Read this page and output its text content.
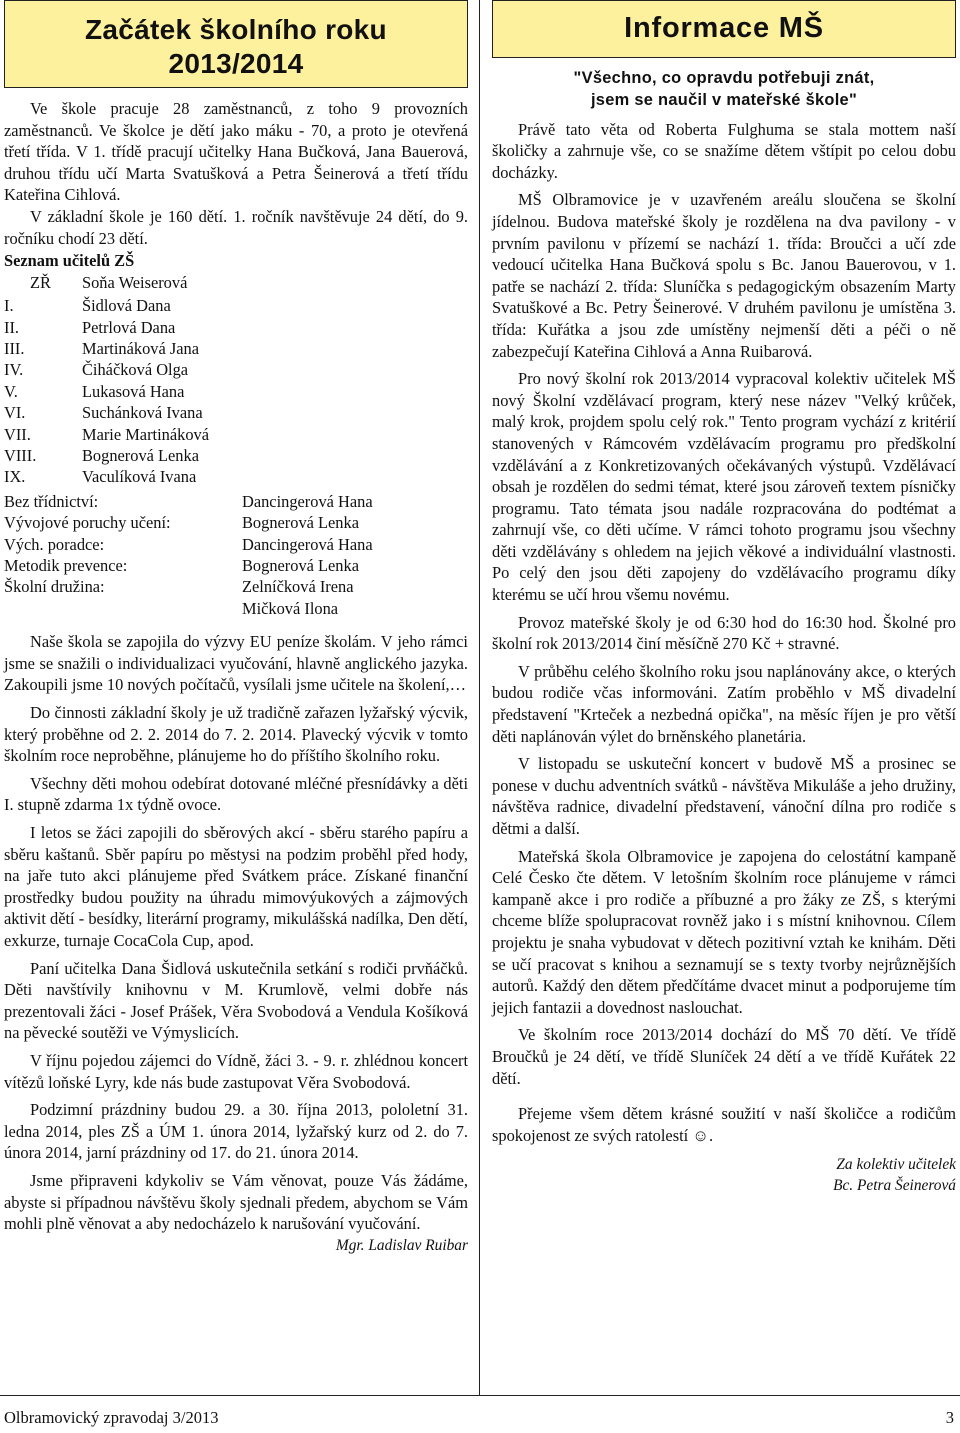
Začátek školního roku
2013/2014

Ve škole pracuje 28 zaměstnanců, z toho 9 provozních zaměstnanců. Ve školce je dětí jako máku - 70, a proto je otevřená třetí třída. V 1. třídě pracují učitelky Hana Bučková, Jana Bauerová, druhou třídu učí Marta Svatušková a Petra Šeinerová a třetí třídu Kateřina Cihlová.

V základní škole je 160 dětí. 1. ročník navštěvuje 24 dětí, do 9. ročníku chodí 23 dětí.

Seznam učitelů ZŠ
ZŘ	Soňa Weiserová
I.	Šidlová Dana
II.	Petrlová Dana
III.	Martináková Jana
IV.	Čiháčková Olga
V.	Lukasová Hana
VI.	Suchánková Ivana
VII.	Marie Martináková
VIII.	Bognerová Lenka
IX.	Vaculíková Ivana
Bez třídnictví:	Dancingerová Hana
Vývojové poruchy učení:	Bognerová Lenka
Vých. poradce:	Dancingerová Hana
Metodik prevence:	Bognerová Lenka
Školní družina:	Zelníčková Irena
Mičková Ilona

Naše škola se zapojila do výzvy EU peníze školám. V jeho rámci jsme se snažili o individualizaci vyučování, hlavně anglického jazyka. Zakoupili jsme 10 nových počítačů, vysílali jsme učitele na školení,…

Do činnosti základní školy je už tradičně zařazen lyžařský výcvik, který proběhne od 2. 2. 2014 do 7. 2. 2014. Plavecký výcvik v tomto školním roce neproběhne, plánujeme ho do příštího školního roku.

Všechny děti mohou odebírat dotované mléčné přesnídávky a děti I. stupně zdarma 1x týdně ovoce.

I letos se žáci zapojili do sběrových akcí - sběru starého papíru a sběru kaštanů. Sběr papíru po městysi na podzim proběhl před hody, na jaře tuto akci plánujeme před Svátkem práce. Získané finanční prostředky budou použity na úhradu mimovýukových a zájmových aktivit dětí - besídky, literární programy, mikulášská nadílka, Den dětí, exkurze, turnaje CocaCola Cup, apod.

Paní učitelka Dana Šidlová uskutečnila setkání s rodiči prvňáčků. Děti navštívily knihovnu v M. Krumlově, velmi dobře nás prezentovali žáci - Josef Prášek, Věra Svobodová a Vendula Košíková na pěvecké soutěži ve Výmyslicích.

V říjnu pojedou zájemci do Vídně, žáci 3. - 9. r. zhlédnou koncert vítězů loňské Lyry, kde nás bude zastupovat Věra Svobodová.

Podzimní prázdniny budou 29. a 30. října 2013, pololetní 31. ledna 2014, ples ZŠ a ÚM 1. února 2014, lyžařský kurz od 2. do 7. února 2014, jarní prázdniny od 17. do 21. února 2014.

Jsme připraveni kdykoliv se Vám věnovat, pouze Vás žádáme, abyste si případnou návštěvu školy sjednali předem, abychom se Vám mohli plně věnovat a aby nedocházelo k narušování vyučování.

Mgr. Ladislav Ruibar
Informace MŠ
"Všechno, co opravdu potřebuji znát,
jsem se naučil v mateřské škole"

Právě tato věta od Roberta Fulghuma se stala mottem naší školičky a zahrnuje vše, co se snažíme dětem vštípit po celou dobu docházky.

MŠ Olbramovice je v uzavřeném areálu sloučena se školní jídelnou. Budova mateřské školy je rozdělena na dva pavilony - v prvním pavilonu v přízemí se nachází 1. třída: Broučci a učí zde vedoucí učitelka Hana Bučková spolu s Bc. Janou Bauerovou, v 1. patře se nachází 2. třída: Sluníčka s pedagogickým obsazením Marty Svatuškové a Bc. Petry Šeinerové. V druhém pavilonu je umístěna 3. třída: Kuřátka a jsou zde umístěny nejmenší děti a péči o ně zabezpečují Kateřina Cihlová a Anna Ruibarová.

Pro nový školní rok 2013/2014 vypracoval kolektiv učitelek MŠ nový Školní vzdělávací program, který nese název "Velký krůček, malý krok, projdem spolu celý rok." Tento program vychází z kritérií stanovených v Rámcovém vzdělávacím programu pro předškolní vzdělávání a z Konkretizovaných očekávaných výstupů. Vzdělávací obsah je rozdělen do sedmi témat, které jsou zároveň textem písničky programu. Tato témata jsou nadále rozpracována do podtémat a zahrnují vše, co děti učíme. V rámci tohoto programu jsou všechny děti vzdělávány s ohledem na jejich věkové a individuální vlastnosti. Po celý den jsou děti zapojeny do vzdělávacího programu díky kterému se učí hrou všemu novému.

Provoz mateřské školy je od 6:30 hod do 16:30 hod. Školné pro školní rok 2013/2014 činí měsíčně 270 Kč + stravné.

V průběhu celého školního roku jsou naplánovány akce, o kterých budou rodiče včas informováni. Zatím proběhlo v MŠ divadelní představení "Krteček a nezbedná opička", na měsíc říjen je pro větší děti naplánován výlet do brněnského planetária.

V listopadu se uskuteční koncert v budově MŠ a prosinec se ponese v duchu adventních svátků - návštěva Mikuláše a jeho družiny, návštěva radnice, divadelní představení, vánoční dílna pro rodiče s dětmi a další.

Mateřská škola Olbramovice je zapojena do celostátní kampaně Celé Česko čte dětem. V letošním školním roce plánujeme v rámci kampaně akce i pro rodiče a příbuzné a pro žáky ze ZŠ, s kterými chceme blíže spolupracovat rovněž jako i s místní knihovnou. Cílem projektu je snaha vybudovat v dětech pozitivní vztah ke knihám. Děti se učí pracovat s knihou a seznamují se s texty tvorby nejrůznějších autorů. Každý den dětem předčítáme dvacet minut a podporujeme tím jejich fantazii a dovednost naslouchat.

Ve školním roce 2013/2014 dochází do MŠ 70 dětí. Ve třídě Broučků je 24 dětí, ve třídě Sluníček 24 dětí a ve třídě Kuřátek 22 dětí.

Přejeme všem dětem krásné soužití v naší školičce a rodičům spokojenost ze svých ratolestí ☺.

Za kolektiv učitelek
Bc. Petra Šeinerová
Olbramovický zpravodaj 3/2013	3
